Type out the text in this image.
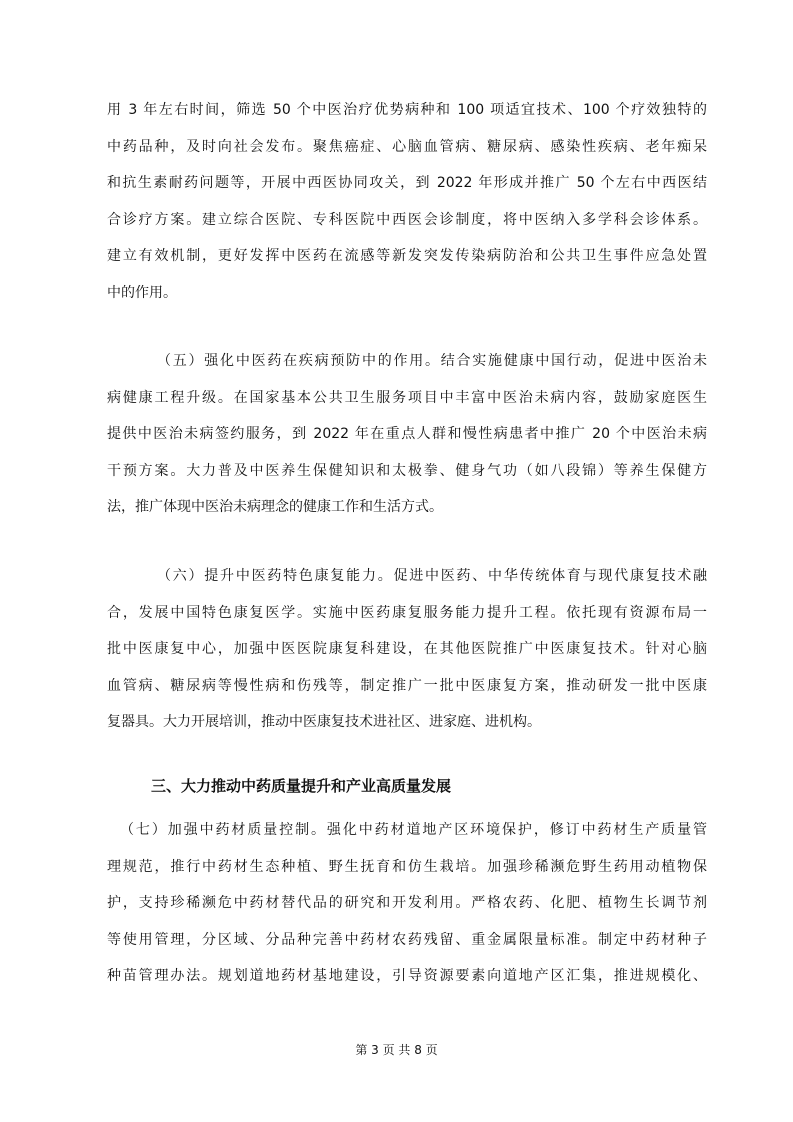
用 3 年左右时间，筛选 50 个中医治疗优势病种和 100 项适宜技术、100 个疗效独特的
中药品种，及时向社会发布。聚焦癌症、心脑血管病、糖尿病、感染性疾病、老年痴呆
和抗生素耐药问题等，开展中西医协同攻关，到 2022 年形成并推广 50 个左右中西医结
合诊疗方案。建立综合医院、专科医院中西医会诊制度，将中医纳入多学科会诊体系。
建立有效机制，更好发挥中医药在流感等新发突发传染病防治和公共卫生事件应急处置
中的作用。
（五）强化中医药在疾病预防中的作用。结合实施健康中国行动，促进中医治未
病健康工程升级。在国家基本公共卫生服务项目中丰富中医治未病内容，鼓励家庭医生
提供中医治未病签约服务，到 2022 年在重点人群和慢性病患者中推广 20 个中医治未病
干预方案。大力普及中医养生保健知识和太极拳、健身气功（如八段锦）等养生保健方
法，推广体现中医治未病理念的健康工作和生活方式。
（六）提升中医药特色康复能力。促进中医药、中华传统体育与现代康复技术融
合，发展中国特色康复医学。实施中医药康复服务能力提升工程。依托现有资源布局一
批中医康复中心，加强中医医院康复科建设，在其他医院推广中医康复技术。针对心脑
血管病、糖尿病等慢性病和伤残等，制定推广一批中医康复方案，推动研发一批中医康
复器具。大力开展培训，推动中医康复技术进社区、进家庭、进机构。
三、大力推动中药质量提升和产业高质量发展
（七）加强中药材质量控制。强化中药材道地产区环境保护，修订中药材生产质量管
理规范，推行中药材生态种植、野生抚育和仿生栽培。加强珍稀濒危野生药用动植物保
护，支持珍稀濒危中药材替代品的研究和开发利用。严格农药、化肥、植物生长调节剂
等使用管理，分区域、分品种完善中药材农药残留、重金属限量标准。制定中药材种子
种苗管理办法。规划道地药材基地建设，引导资源要素向道地产区汇集，推进规模化、
第 3 页 共 8 页
